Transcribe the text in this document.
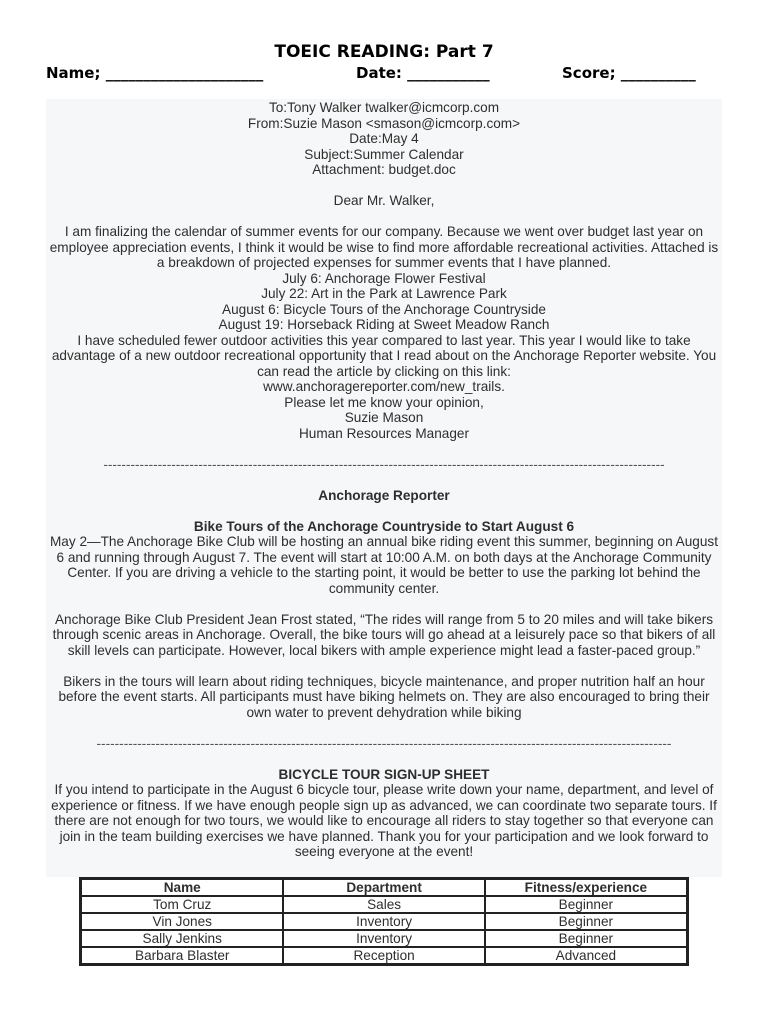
TOEIC READING: Part 7
Name; _____________________	Date: ___________	Score; __________
To:Tony Walker twalker@icmcorp.com
From:Suzie Mason <smason@icmcorp.com>
Date:May 4
Subject:Summer Calendar
Attachment: budget.doc
Dear Mr. Walker,
I am finalizing the calendar of summer events for our company. Because we went over budget last year on employee appreciation events, I think it would be wise to find more affordable recreational activities. Attached is a breakdown of projected expenses for summer events that I have planned.
July 6: Anchorage Flower Festival
July 22: Art in the Park at Lawrence Park
August 6: Bicycle Tours of the Anchorage Countryside
August 19: Horseback Riding at Sweet Meadow Ranch
I have scheduled fewer outdoor activities this year compared to last year. This year I would like to take advantage of a new outdoor recreational opportunity that I read about on the Anchorage Reporter website. You can read the article by clicking on this link:
www.anchoragereporter.com/new_trails.
Please let me know your opinion,
Suzie Mason
Human Resources Manager
----------------------------------------------------------------------------------------------------------------------------
Anchorage Reporter
Bike Tours of the Anchorage Countryside to Start August 6
May 2—The Anchorage Bike Club will be hosting an annual bike riding event this summer, beginning on August 6 and running through August 7. The event will start at 10:00 A.M. on both days at the Anchorage Community Center. If you are driving a vehicle to the starting point, it would be better to use the parking lot behind the community center.
Anchorage Bike Club President Jean Frost stated, “The rides will range from 5 to 20 miles and will take bikers through scenic areas in Anchorage. Overall, the bike tours will go ahead at a leisurely pace so that bikers of all skill levels can participate. However, local bikers with ample experience might lead a faster-paced group.”
Bikers in the tours will learn about riding techniques, bicycle maintenance, and proper nutrition half an hour before the event starts. All participants must have biking helmets on. They are also encouraged to bring their own water to prevent dehydration while biking
-------------------------------------------------------------------------------------------------------------------------------
BICYCLE TOUR SIGN-UP SHEET
If you intend to participate in the August 6 bicycle tour, please write down your name, department, and level of experience or fitness. If we have enough people sign up as advanced, we can coordinate two separate tours. If there are not enough for two tours, we would like to encourage all riders to stay together so that everyone can join in the team building exercises we have planned. Thank you for your participation and we look forward to seeing everyone at the event!
Name	Department	Fitness/experience
Tom Cruz	Sales	Beginner
Vin Jones	Inventory	Beginner
Sally Jenkins	Inventory	Beginner
Barbara Blaster	Reception	Advanced
